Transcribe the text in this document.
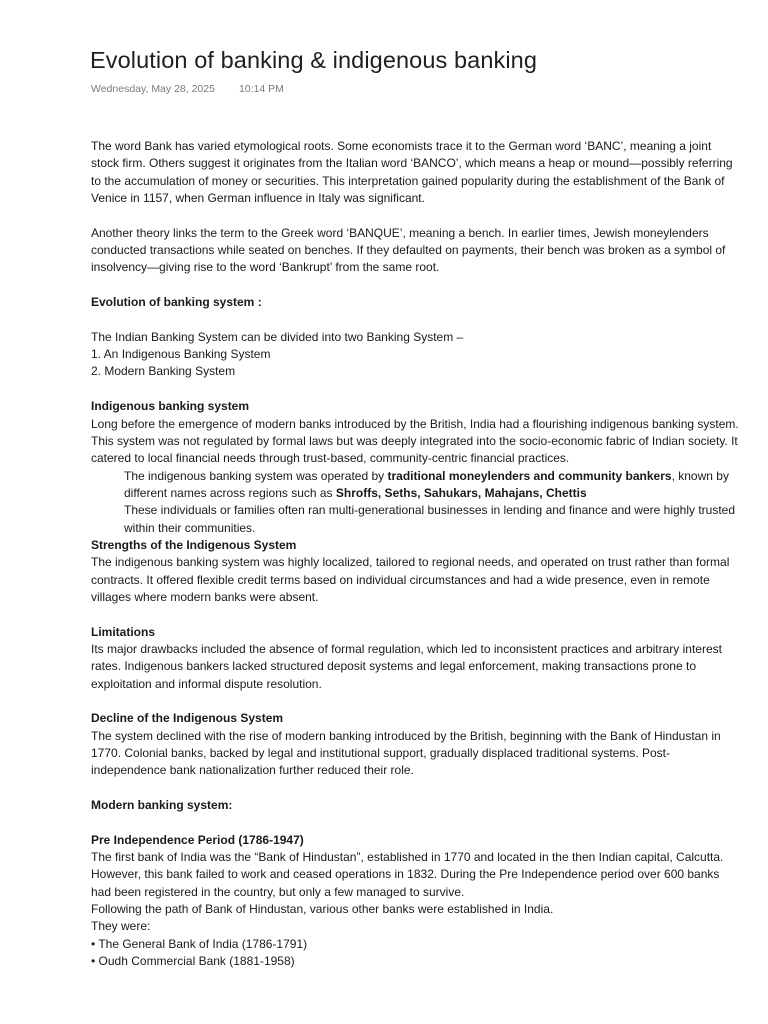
Evolution of banking & indigenous banking
Wednesday, May 28, 2025 10:14 PM

The word Bank has varied etymological roots. Some economists trace it to the German word ‘BANC’, meaning a joint stock firm. Others suggest it originates from the Italian word ‘BANCO’, which means a heap or mound—possibly referring to the accumulation of money or securities. This interpretation gained popularity during the establishment of the Bank of Venice in 1157, when German influence in Italy was significant.

Another theory links the term to the Greek word ‘BANQUE’, meaning a bench. In earlier times, Jewish moneylenders conducted transactions while seated on benches. If they defaulted on payments, their bench was broken as a symbol of insolvency—giving rise to the word ‘Bankrupt’ from the same root.

Evolution of banking system :

The Indian Banking System can be divided into two Banking System –

1. An Indigenous Banking System

2. Modern Banking System

Indigenous banking system

Long before the emergence of modern banks introduced by the British, India had a flourishing indigenous banking system. This system was not regulated by formal laws but was deeply integrated into the socio-economic fabric of Indian society. It catered to local financial needs through trust-based, community-centric financial practices.

The indigenous banking system was operated by traditional moneylenders and community bankers, known by different names across regions such as Shroffs, Seths, Sahukars, Mahajans, Chettis

These individuals or families often ran multi-generational businesses in lending and finance and were highly trusted within their communities.

Strengths of the Indigenous System

The indigenous banking system was highly localized, tailored to regional needs, and operated on trust rather than formal contracts. It offered flexible credit terms based on individual circumstances and had a wide presence, even in remote villages where modern banks were absent.

Limitations

Its major drawbacks included the absence of formal regulation, which led to inconsistent practices and arbitrary interest rates. Indigenous bankers lacked structured deposit systems and legal enforcement, making transactions prone to exploitation and informal dispute resolution.

Decline of the Indigenous System

The system declined with the rise of modern banking introduced by the British, beginning with the Bank of Hindustan in 1770. Colonial banks, backed by legal and institutional support, gradually displaced traditional systems. Post-independence bank nationalization further reduced their role.

Modern banking system:

Pre Independence Period (1786-1947)

The first bank of India was the “Bank of Hindustan”, established in 1770 and located in the then Indian capital, Calcutta. However, this bank failed to work and ceased operations in 1832. During the Pre Independence period over 600 banks had been registered in the country, but only a few managed to survive.

Following the path of Bank of Hindustan, various other banks were established in India.

They were:

• The General Bank of India (1786-1791)

• Oudh Commercial Bank (1881-1958)
